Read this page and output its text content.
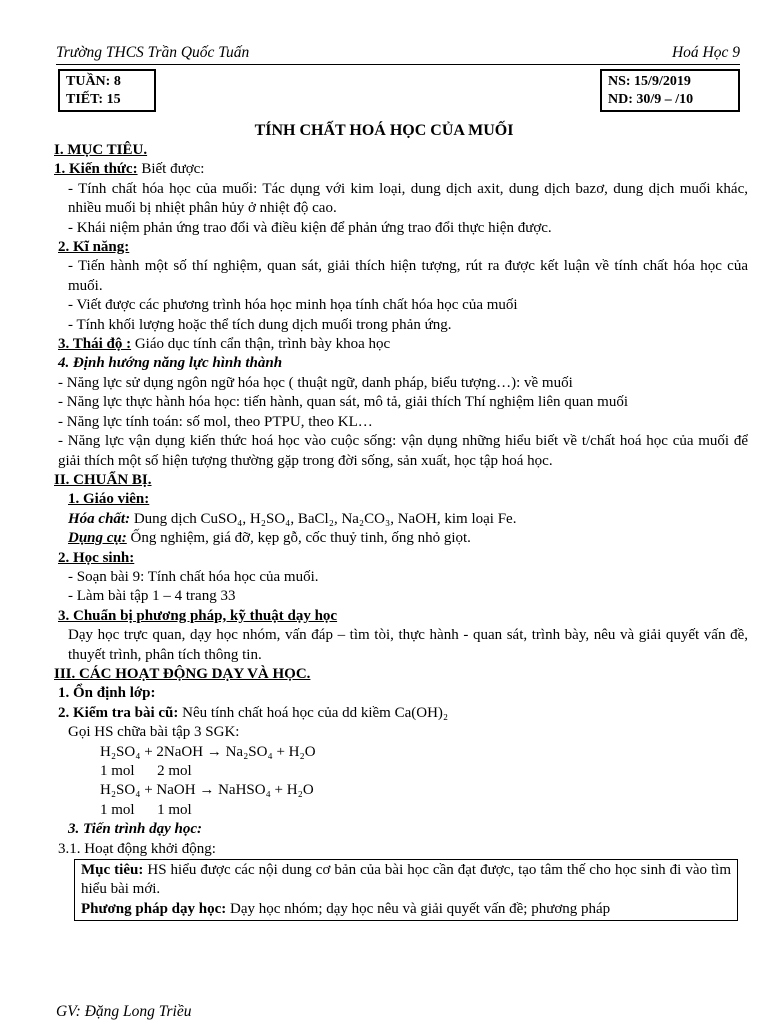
Trường THCS Trần Quốc Tuấn	Hoá Học 9
TUẦN: 8
TIẾT: 15
NS: 15/9/2019
ND: 30/9 – /10
TÍNH CHẤT HOÁ HỌC CỦA MUỐI

I. MỤC TIÊU.

1. Kiến thức: Biết được:

- Tính chất hóa học của muối: Tác dụng với kim loại, dung dịch axit, dung dịch bazơ, dung dịch muối khác, nhiều muối bị nhiệt phân hủy ở nhiệt độ cao.

- Khái niệm phản ứng trao đổi và điều kiện để phản ứng trao đổi thực hiện được.

2. Kĩ năng:

- Tiến hành một số thí nghiệm, quan sát, giải thích hiện tượng, rút ra được kết luận về tính chất hóa học của muối.

- Viết được các phương trình hóa học minh họa tính chất hóa học của muối

- Tính khối lượng hoặc thể tích dung dịch muối trong phản ứng.

3. Thái độ : Giáo dục tính cẩn thận, trình bày khoa học

4. Định hướng năng lực hình thành

- Năng lực sử dụng ngôn ngữ hóa học ( thuật ngữ, danh pháp, biểu tượng…): về muối

- Năng lực thực hành hóa học: tiến hành, quan sát, mô tả, giải thích Thí nghiệm liên quan muối

- Năng lực tính toán: số mol, theo PTPU, theo KL…

- Năng lực vận dụng kiến thức hoá học vào cuộc sống: vận dụng những hiểu biết về t/chất hoá học của muối để giải thích một số hiện tượng thường gặp trong đời sống, sản xuất, học tập hoá học.

II. CHUẨN BỊ.

1. Giáo viên:

Hóa chất: Dung dịch CuSO₄, H₂SO₄, BaCl₂, Na₂CO₃, NaOH, kim loại Fe.

Dụng cụ: Ống nghiệm, giá đỡ, kẹp gỗ, cốc thuỷ tinh, ống nhỏ giọt.

2. Học sinh:

- Soạn bài 9: Tính chất hóa học của muối.

- Làm bài tập 1 – 4 trang 33

3. Chuẩn bị phương pháp, kỹ thuật dạy học

Dạy học trực quan, dạy học nhóm, vấn đáp – tìm tòi, thực hành - quan sát, trình bày, nêu và giải quyết vấn đề, thuyết trình, phân tích thông tin.

III. CÁC HOẠT ĐỘNG DẠY VÀ HỌC.

1. Ổn định lớp:

2. Kiểm tra bài cũ: Nêu tính chất hoá học của dd kiềm Ca(OH)₂

Gọi HS chữa bài tập 3 SGK:

H₂SO₄ + 2NaOH → Na₂SO₄ + H₂O

1 mol      2 mol

H₂SO₄ + NaOH → NaHSO₄ + H₂O

1 mol      1 mol

3. Tiến trình dạy học:

3.1. Hoạt động khởi động:

Mục tiêu: HS hiểu được các nội dung cơ bản của bài học cần đạt được, tạo tâm thế cho học sinh đi vào tìm hiểu bài mới.

Phương pháp dạy học: Dạy học nhóm; dạy học nêu và giải quyết vấn đề; phương pháp

GV: Đặng Long Triều
